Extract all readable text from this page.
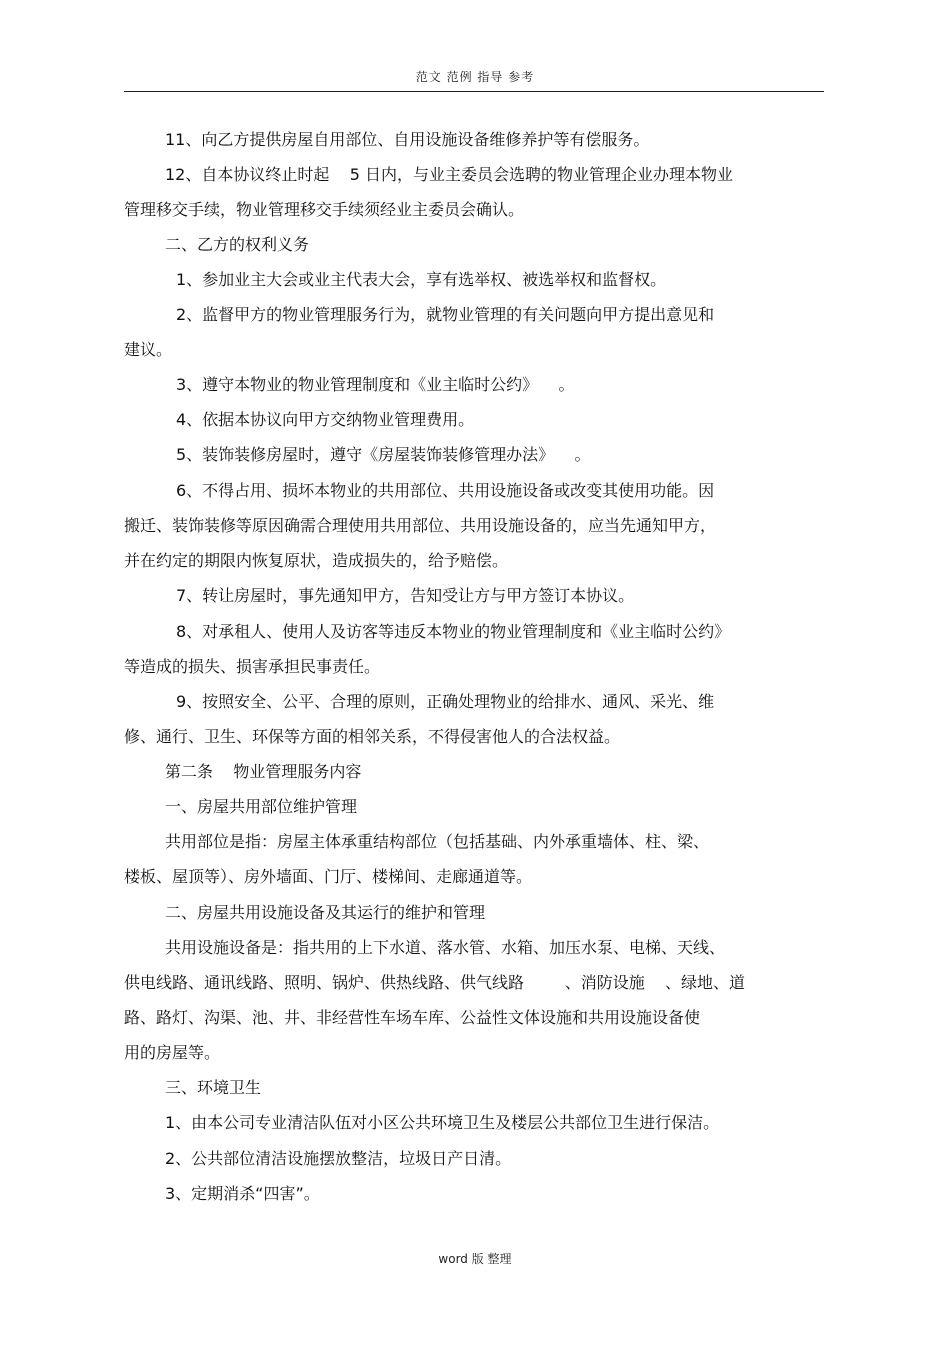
范文 范例 指导 参考
11、向乙方提供房屋自用部位、自用设施设备维修养护等有偿服务。
12、自本协议终止时起    5 日内，与业主委员会选聘的物业管理企业办理本物业
管理移交手续，物业管理移交手续须经业主委员会确认。
二、乙方的权利义务
1、参加业主大会或业主代表大会，享有选举权、被选举权和监督权。
2、监督甲方的物业管理服务行为，就物业管理的有关问题向甲方提出意见和
建议。
3、遵守本物业的物业管理制度和《业主临时公约》    。
4、依据本协议向甲方交纳物业管理费用。
5、装饰装修房屋时，遵守《房屋装饰装修管理办法》    。
6、不得占用、损坏本物业的共用部位、共用设施设备或改变其使用功能。因
搬迁、装饰装修等原因确需合理使用共用部位、共用设施设备的，应当先通知甲方，
并在约定的期限内恢复原状，造成损失的，给予赔偿。
7、转让房屋时，事先通知甲方，告知受让方与甲方签订本协议。
8、对承租人、使用人及访客等违反本物业的物业管理制度和《业主临时公约》
等造成的损失、损害承担民事责任。
9、按照安全、公平、合理的原则，正确处理物业的给排水、通风、采光、维
修、通行、卫生、环保等方面的相邻关系，不得侵害他人的合法权益。
第二条    物业管理服务内容
一、房屋共用部位维护管理
共用部位是指：房屋主体承重结构部位（包括基础、内外承重墙体、柱、梁、
楼板、屋顶等）、房外墙面、门厅、楼梯间、走廊通道等。
二、房屋共用设施设备及其运行的维护和管理
共用设施设备是：指共用的上下水道、落水管、水箱、加压水泵、电梯、天线、
供电线路、通讯线路、照明、锅炉、供热线路、供气线路        、消防设施    、绿地、道
路、路灯、沟渠、池、井、非经营性车场车库、公益性文体设施和共用设施设备使
用的房屋等。
三、环境卫生
1、由本公司专业清洁队伍对小区公共环境卫生及楼层公共部位卫生进行保洁。
2、公共部位清洁设施摆放整洁，垃圾日产日清。
3、定期消杀“四害”。
word 版 整理
